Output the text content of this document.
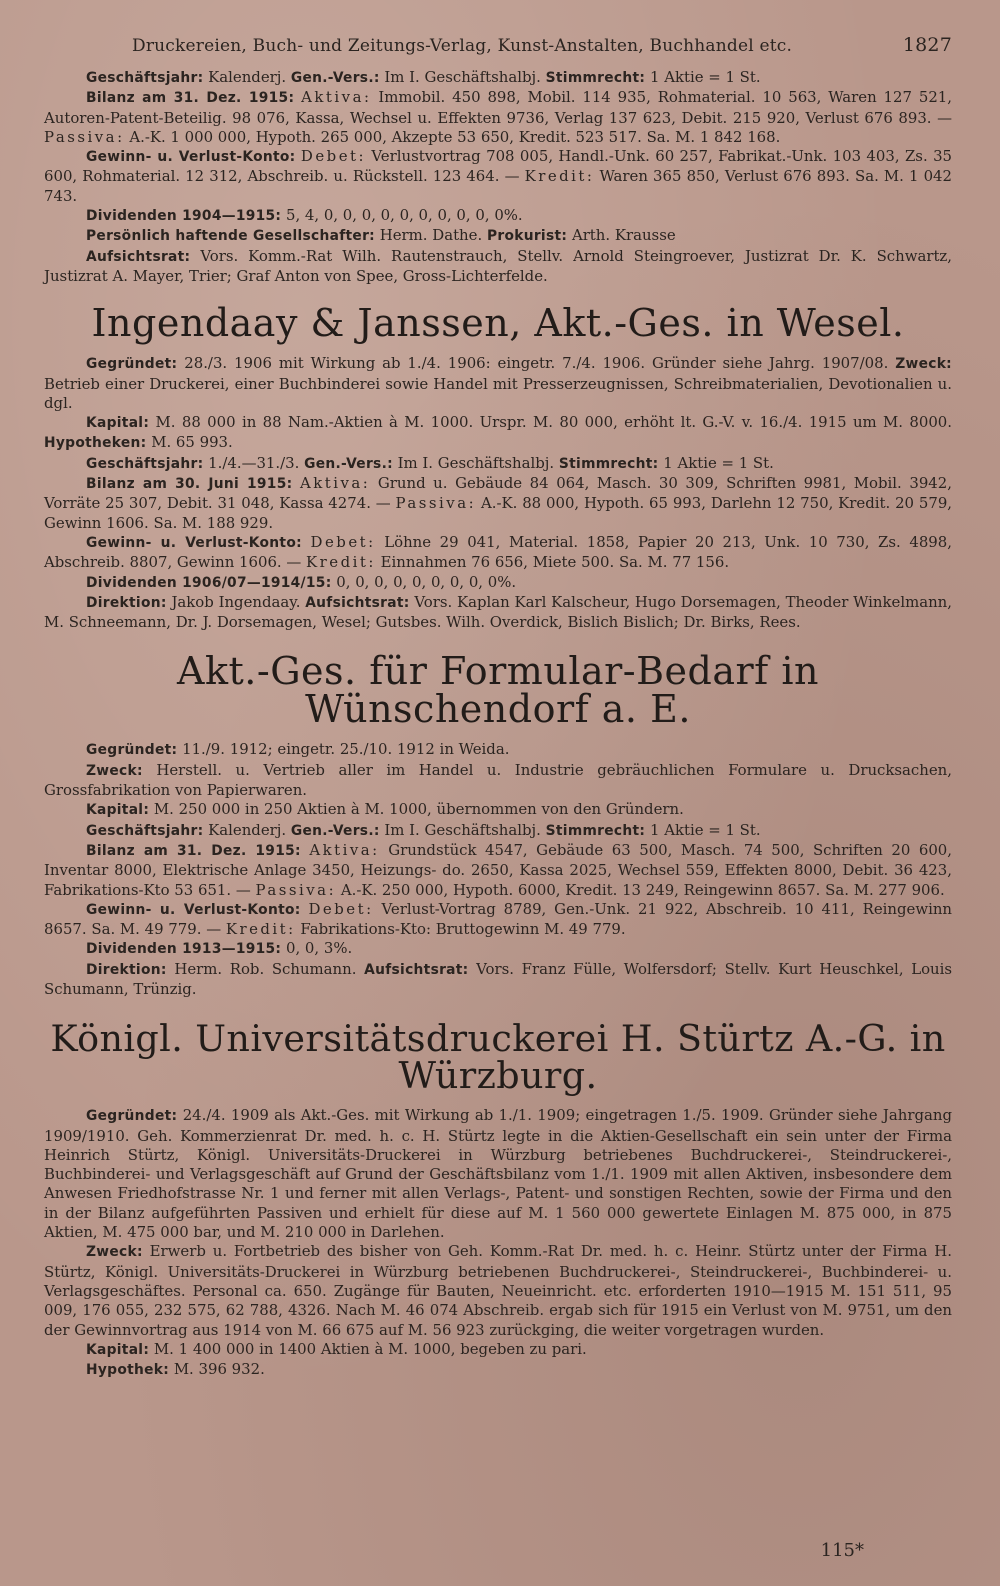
Druckereien, Buch- und Zeitungs-Verlag, Kunst-Anstalten, Buchhandel etc.	1827

Geschäftsjahr: Kalenderj. Gen.-Vers.: Im I. Geschäftshalbj. Stimmrecht: 1 Aktie = 1 St.

Bilanz am 31. Dez. 1915: Aktiva: Immobil. 450 898, Mobil. 114 935, Rohmaterial. 10 563, Waren 127 521, Autoren-Patent-Beteilig. 98 076, Kassa, Wechsel u. Effekten 9736, Verlag 137 623, Debit. 215 920, Verlust 676 893. — Passiva: A.-K. 1 000 000, Hypoth. 265 000, Akzepte 53 650, Kredit. 523 517. Sa. M. 1 842 168.

Gewinn- u. Verlust-Konto: Debet: Verlustvortrag 708 005, Handl.-Unk. 60 257, Fabrikat.-Unk. 103 403, Zs. 35 600, Rohmaterial. 12 312, Abschreib. u. Rückstell. 123 464. — Kredit: Waren 365 850, Verlust 676 893. Sa. M. 1 042 743.

Dividenden 1904—1915: 5, 4, 0, 0, 0, 0, 0, 0, 0, 0, 0, 0%.

Persönlich haftende Gesellschafter: Herm. Dathe. Prokurist: Arth. Krausse

Aufsichtsrat: Vors. Komm.-Rat Wilh. Rautenstrauch, Stellv. Arnold Steingroever, Justizrat Dr. K. Schwartz, Justizrat A. Mayer, Trier; Graf Anton von Spee, Gross-Lichterfelde.

Ingendaay & Janssen, Akt.-Ges. in Wesel.

Gegründet: 28./3. 1906 mit Wirkung ab 1./4. 1906: eingetr. 7./4. 1906. Gründer siehe Jahrg. 1907/08. Zweck: Betrieb einer Druckerei, einer Buchbinderei sowie Handel mit Presserzeugnissen, Schreibmaterialien, Devotionalien u. dgl.

Kapital: M. 88 000 in 88 Nam.-Aktien à M. 1000. Urspr. M. 80 000, erhöht lt. G.-V. v. 16./4. 1915 um M. 8000. Hypotheken: M. 65 993.

Geschäftsjahr: 1./4.—31./3. Gen.-Vers.: Im I. Geschäftshalbj. Stimmrecht: 1 Aktie = 1 St.

Bilanz am 30. Juni 1915: Aktiva: Grund u. Gebäude 84 064, Masch. 30 309, Schriften 9981, Mobil. 3942, Vorräte 25 307, Debit. 31 048, Kassa 4274. — Passiva: A.-K. 88 000, Hypoth. 65 993, Darlehn 12 750, Kredit. 20 579, Gewinn 1606. Sa. M. 188 929.

Gewinn- u. Verlust-Konto: Debet: Löhne 29 041, Material. 1858, Papier 20 213, Unk. 10 730, Zs. 4898, Abschreib. 8807, Gewinn 1606. — Kredit: Einnahmen 76 656, Miete 500. Sa. M. 77 156.

Dividenden 1906/07—1914/15: 0, 0, 0, 0, 0, 0, 0, 0, 0%.

Direktion: Jakob Ingendaay. Aufsichtsrat: Vors. Kaplan Karl Kalscheur, Hugo Dorsemagen, Theoder Winkelmann, M. Schneemann, Dr. J. Dorsemagen, Wesel; Gutsbes. Wilh. Overdick, Bislich Bislich; Dr. Birks, Rees.

Akt.-Ges. für Formular-Bedarf in Wünschendorf a. E.

Gegründet: 11./9. 1912; eingetr. 25./10. 1912 in Weida.

Zweck: Herstell. u. Vertrieb aller im Handel u. Industrie gebräuchlichen Formulare u. Drucksachen, Grossfabrikation von Papierwaren.

Kapital: M. 250 000 in 250 Aktien à M. 1000, übernommen von den Gründern.

Geschäftsjahr: Kalenderj. Gen.-Vers.: Im I. Geschäftshalbj. Stimmrecht: 1 Aktie = 1 St.

Bilanz am 31. Dez. 1915: Aktiva: Grundstück 4547, Gebäude 63 500, Masch. 74 500, Schriften 20 600, Inventar 8000, Elektrische Anlage 3450, Heizungs- do. 2650, Kassa 2025, Wechsel 559, Effekten 8000, Debit. 36 423, Fabrikations-Kto 53 651. — Passiva: A.-K. 250 000, Hypoth. 6000, Kredit. 13 249, Reingewinn 8657. Sa. M. 277 906.

Gewinn- u. Verlust-Konto: Debet: Verlust-Vortrag 8789, Gen.-Unk. 21 922, Abschreib. 10 411, Reingewinn 8657. Sa. M. 49 779. — Kredit: Fabrikations-Kto: Bruttogewinn M. 49 779.

Dividenden 1913—1915: 0, 0, 3%.

Direktion: Herm. Rob. Schumann. Aufsichtsrat: Vors. Franz Fülle, Wolfersdorf; Stellv. Kurt Heuschkel, Louis Schumann, Trünzig.

Königl. Universitätsdruckerei H. Stürtz A.-G. in Würzburg.

Gegründet: 24./4. 1909 als Akt.-Ges. mit Wirkung ab 1./1. 1909; eingetragen 1./5. 1909. Gründer siehe Jahrgang 1909/1910. Geh. Kommerzienrat Dr. med. h. c. H. Stürtz legte in die Aktien-Gesellschaft ein sein unter der Firma Heinrich Stürtz, Königl. Universitäts-Druckerei in Würzburg betriebenes Buchdruckerei-, Steindruckerei-, Buchbinderei- und Verlagsgeschäft auf Grund der Geschäftsbilanz vom 1./1. 1909 mit allen Aktiven, insbesondere dem Anwesen Friedhofstrasse Nr. 1 und ferner mit allen Verlags-, Patent- und sonstigen Rechten, sowie der Firma und den in der Bilanz aufgeführten Passiven und erhielt für diese auf M. 1 560 000 gewertete Einlagen M. 875 000, in 875 Aktien, M. 475 000 bar, und M. 210 000 in Darlehen.

Zweck: Erwerb u. Fortbetrieb des bisher von Geh. Komm.-Rat Dr. med. h. c. Heinr. Stürtz unter der Firma H. Stürtz, Königl. Universitäts-Druckerei in Würzburg betriebenen Buchdruckerei-, Steindruckerei-, Buchbinderei- u. Verlagsgeschäftes. Personal ca. 650. Zugänge für Bauten, Neueinricht. etc. erforderten 1910—1915 M. 151 511, 95 009, 176 055, 232 575, 62 788, 4326. Nach M. 46 074 Abschreib. ergab sich für 1915 ein Verlust von M. 9751, um den der Gewinnvortrag aus 1914 von M. 66 675 auf M. 56 923 zurückging, die weiter vorgetragen wurden.

Kapital: M. 1 400 000 in 1400 Aktien à M. 1000, begeben zu pari.

Hypothek: M. 396 932.

115*
